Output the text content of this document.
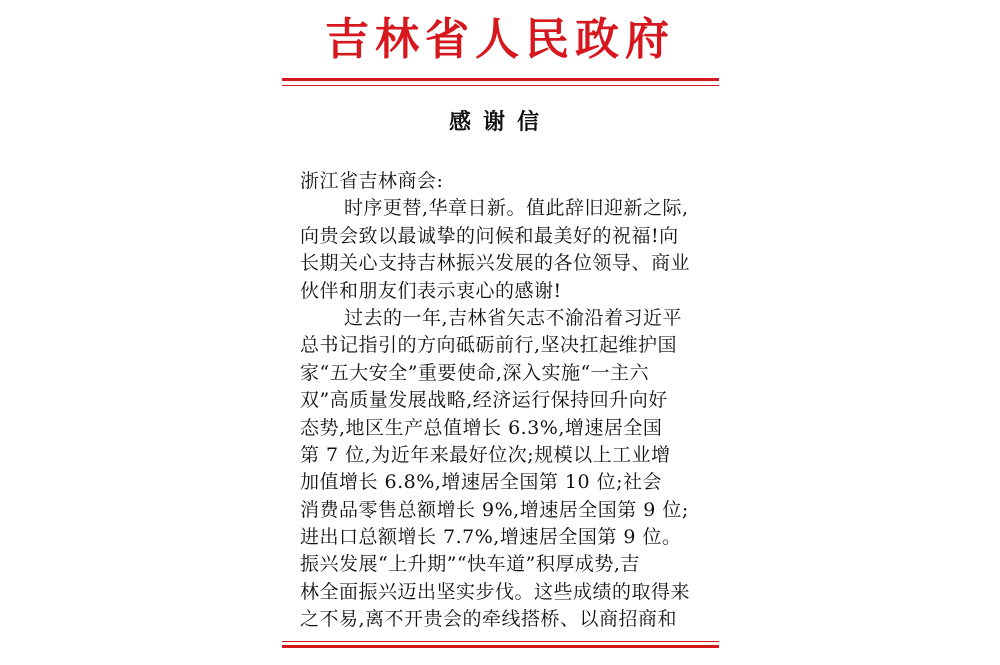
吉林省人民政府
感谢信
浙江省吉林商会:
时序更替,华章日新。值此辞旧迎新之际,
向贵会致以最诚挚的问候和最美好的祝福!向
长期关心支持吉林振兴发展的各位领导、商业
伙伴和朋友们表示衷心的感谢!
过去的一年,吉林省矢志不渝沿着习近平
总书记指引的方向砥砺前行,坚决扛起维护国
家“五大安全”重要使命,深入实施“一主六
双”高质量发展战略,经济运行保持回升向好
态势,地区生产总值增长 6.3%,增速居全国
第 7 位,为近年来最好位次;规模以上工业增
加值增长 6.8%,增速居全国第 10 位;社会
消费品零售总额增长 9%,增速居全国第 9 位;
进出口总额增长 7.7%,增速居全国第 9 位。
振兴发展“上升期”“快车道”积厚成势,吉
林全面振兴迈出坚实步伐。这些成绩的取得来
之不易,离不开贵会的牵线搭桥、以商招商和
